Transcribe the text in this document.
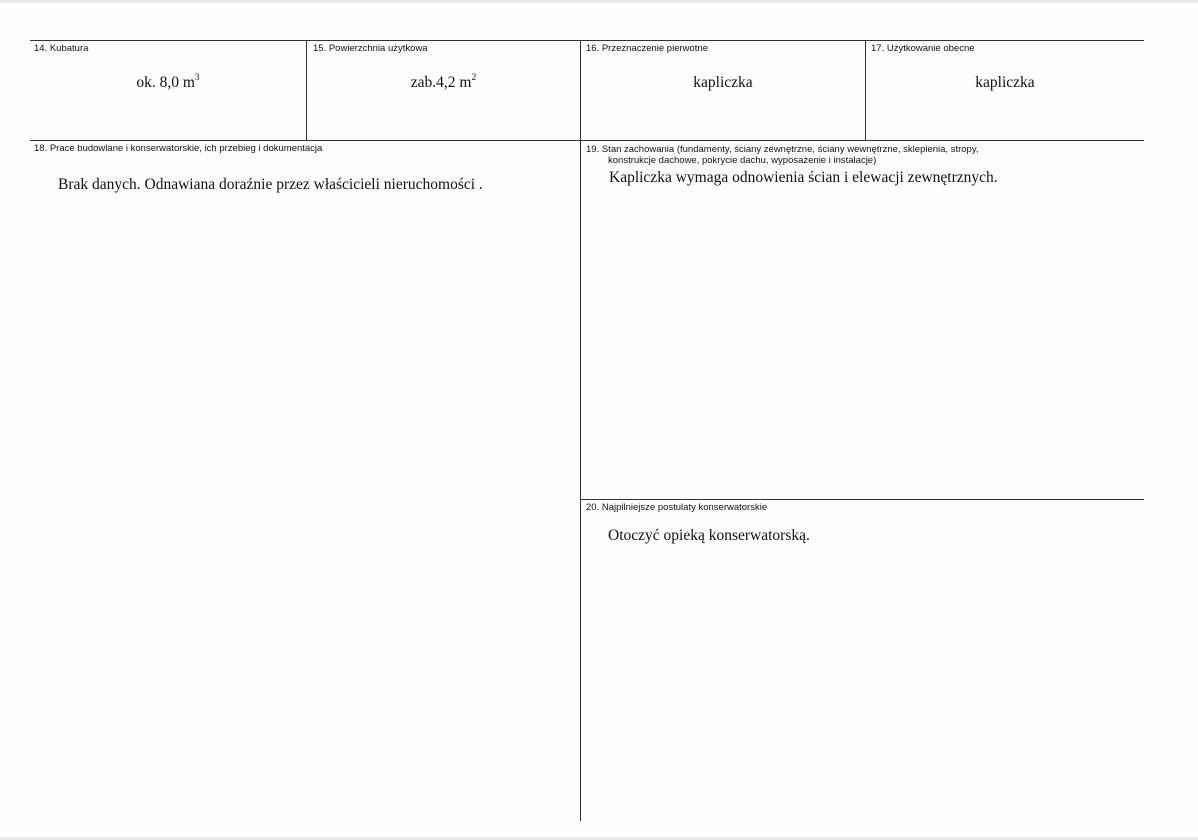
14. Kubatura
ok. 8,0 $m^3$
15. Powierzchnia użytkowa
zab.4,2 $m^2$
16. Przeznaczenie pierwotne
kapliczka
17. Użytkowanie obecne
kapliczka
18. Prace budowlane i konserwatorskie, ich przebieg i dokumentacja
Brak danych. Odnawiana doraźnie przez właścicieli nieruchomości .
19. Stan zachowania (fundamenty, ściany zewnętrzne, ściany wewnętrzne, sklepienia, stropy,
konstrukcje dachowe, pokrycie dachu, wyposażenie i instalacje)
Kapliczka wymaga odnowienia ścian i elewacji zewnętrznych.
20. Najpilniejsze postulaty konserwatorskie
Otoczyć opieką konserwatorską.
